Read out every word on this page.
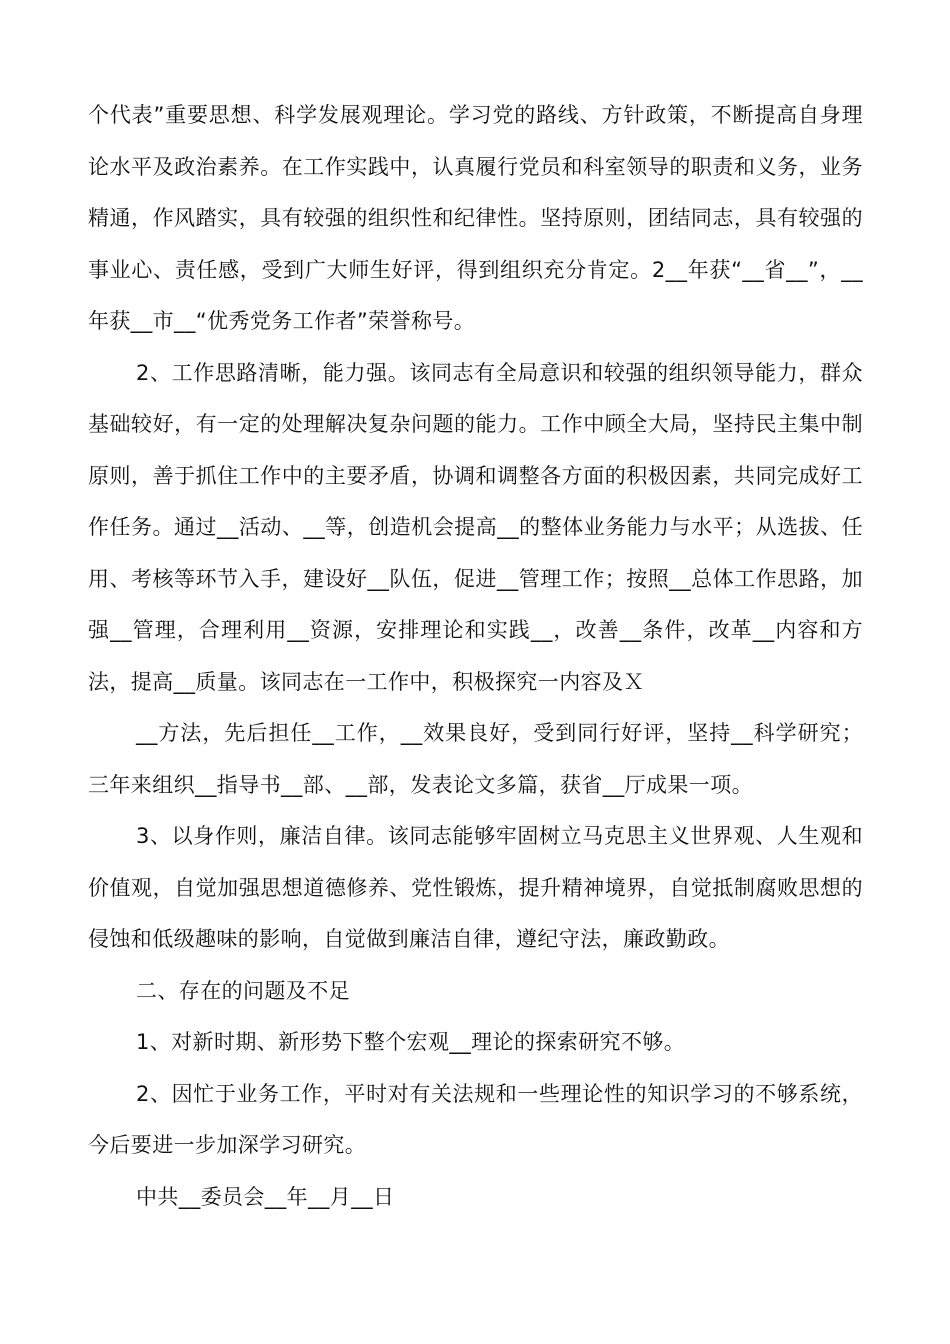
个代表”重要思想、科学发展观理论。学习党的路线、方针政策，不断提高自身理论水平及政治素养。在工作实践中，认真履行党员和科室领导的职责和义务，业务精通，作风踏实，具有较强的组织性和纪律性。坚持原则，团结同志，具有较强的事业心、责任感，受到广大师生好评，得到组织充分肯定。2__年获“__省__”，__年获__市__“优秀党务工作者”荣誉称号。

2、工作思路清晰，能力强。该同志有全局意识和较强的组织领导能力，群众基础较好，有一定的处理解决复杂问题的能力。工作中顾全大局，坚持民主集中制原则，善于抓住工作中的主要矛盾，协调和调整各方面的积极因素，共同完成好工作任务。通过__活动、__等，创造机会提高__的整体业务能力与水平；从选拔、任用、考核等环节入手，建设好__队伍，促进__管理工作；按照__总体工作思路，加强__管理，合理利用__资源，安排理论和实践__，改善__条件，改革__内容和方法，提高__质量。该同志在一工作中，积极探究一内容及Ｘ

__方法，先后担任__工作，__效果良好，受到同行好评，坚持__科学研究；三年来组织__指导书__部、__部，发表论文多篇，获省__厅成果一项。

3、以身作则，廉洁自律。该同志能够牢固树立马克思主义世界观、人生观和价值观，自觉加强思想道德修养、党性锻炼，提升精神境界，自觉抵制腐败思想的侵蚀和低级趣味的影响，自觉做到廉洁自律，遵纪守法，廉政勤政。

二、存在的问题及不足

1、对新时期、新形势下整个宏观__理论的探索研究不够。

2、因忙于业务工作，平时对有关法规和一些理论性的知识学习的不够系统，今后要进一步加深学习研究。

中共__委员会__年__月__日
